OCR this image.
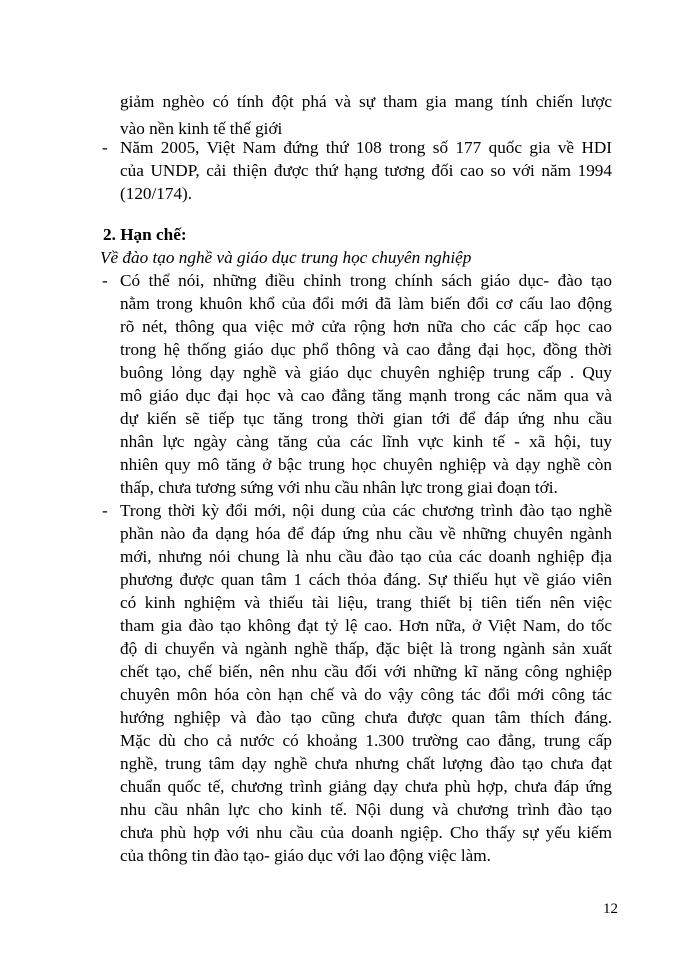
giảm nghèo có tính đột phá và sự tham gia mang tính chiến lược
vào nền kinh tế thế giới
- Năm 2005, Việt Nam đứng thứ 108 trong số 177 quốc gia về HDI
của UNDP, cải thiện được thứ hạng tương đối cao so với năm 1994
(120/174).
2. Hạn chế:
Về đào tạo nghề và giáo dục trung học chuyên nghiệp
- Có thể nói, những điều chỉnh trong chính sách giáo dục- đào tạo
nằm trong khuôn khổ của đổi mới đã làm biến đổi cơ cấu lao động
rõ nét, thông qua việc mở cửa rộng hơn nữa cho các cấp học cao
trong hệ thống giáo dục phổ thông và cao đẳng đại học, đồng thời
buông lỏng dạy nghề và giáo dục chuyên nghiệp trung cấp . Quy
mô giáo dục đại học và cao đẳng tăng mạnh trong các năm qua và
dự kiến sẽ tiếp tục tăng trong thời gian tới để đáp ứng nhu cầu
nhân lực ngày càng tăng của các lĩnh vực kinh tế - xã hội, tuy
nhiên quy mô tăng ở bậc trung học chuyên nghiệp và dạy nghề còn
thấp, chưa tương sứng với nhu cầu nhân lực trong giai đoạn tới.
- Trong thời kỳ đổi mới, nội dung của các chương trình đào tạo nghề
phần nào đa dạng hóa để đáp ứng nhu cầu về những chuyên ngành
mới, nhưng nói chung là nhu cầu đào tạo của các doanh nghiệp địa
phương được quan tâm 1 cách thỏa đáng. Sự thiếu hụt về giáo viên
có kinh nghiệm và thiếu tài liệu, trang thiết bị tiên tiến nên việc
tham gia đào tạo không đạt tỷ lệ cao. Hơn nữa, ở Việt Nam, do tốc
độ di chuyển và ngành nghề thấp, đặc biệt là trong ngành sản xuất
chết tạo, chế biến, nên nhu cầu đối với những kĩ năng công nghiệp
chuyên môn hóa còn hạn chế và do vậy công tác đổi mới công tác
hướng nghiệp và đào tạo cũng chưa được quan tâm thích đáng.
Mặc dù cho cả nước có khoảng 1.300 trường cao đẳng, trung cấp
nghề, trung tâm dạy nghề chưa nhưng chất lượng đào tạo chưa đạt
chuẩn quốc tế, chương trình giảng dạy chưa phù hợp, chưa đáp ứng
nhu cầu nhân lực cho kinh tế. Nội dung và chương trình đào tạo
chưa phù hợp với nhu cầu của doanh ngiệp. Cho thấy sự yếu kiếm
của thông tin đào tạo- giáo dục với lao động việc làm.
12
